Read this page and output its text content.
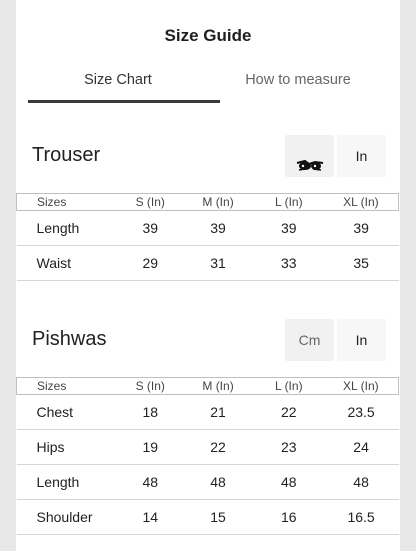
Size Guide
Size Chart	How to measure
Trouser	In
Sizes	S (In)	M (In)	L (In)	XL (In)
Length	39	39	39	39
Waist	29	31	33	35
Pishwas	Cm	In
Sizes	S (In)	M (In)	L (In)	XL (In)
Chest	18	21	22	23.5
Hips	19	22	23	24
Length	48	48	48	48
Shoulder	14	15	16	16.5
